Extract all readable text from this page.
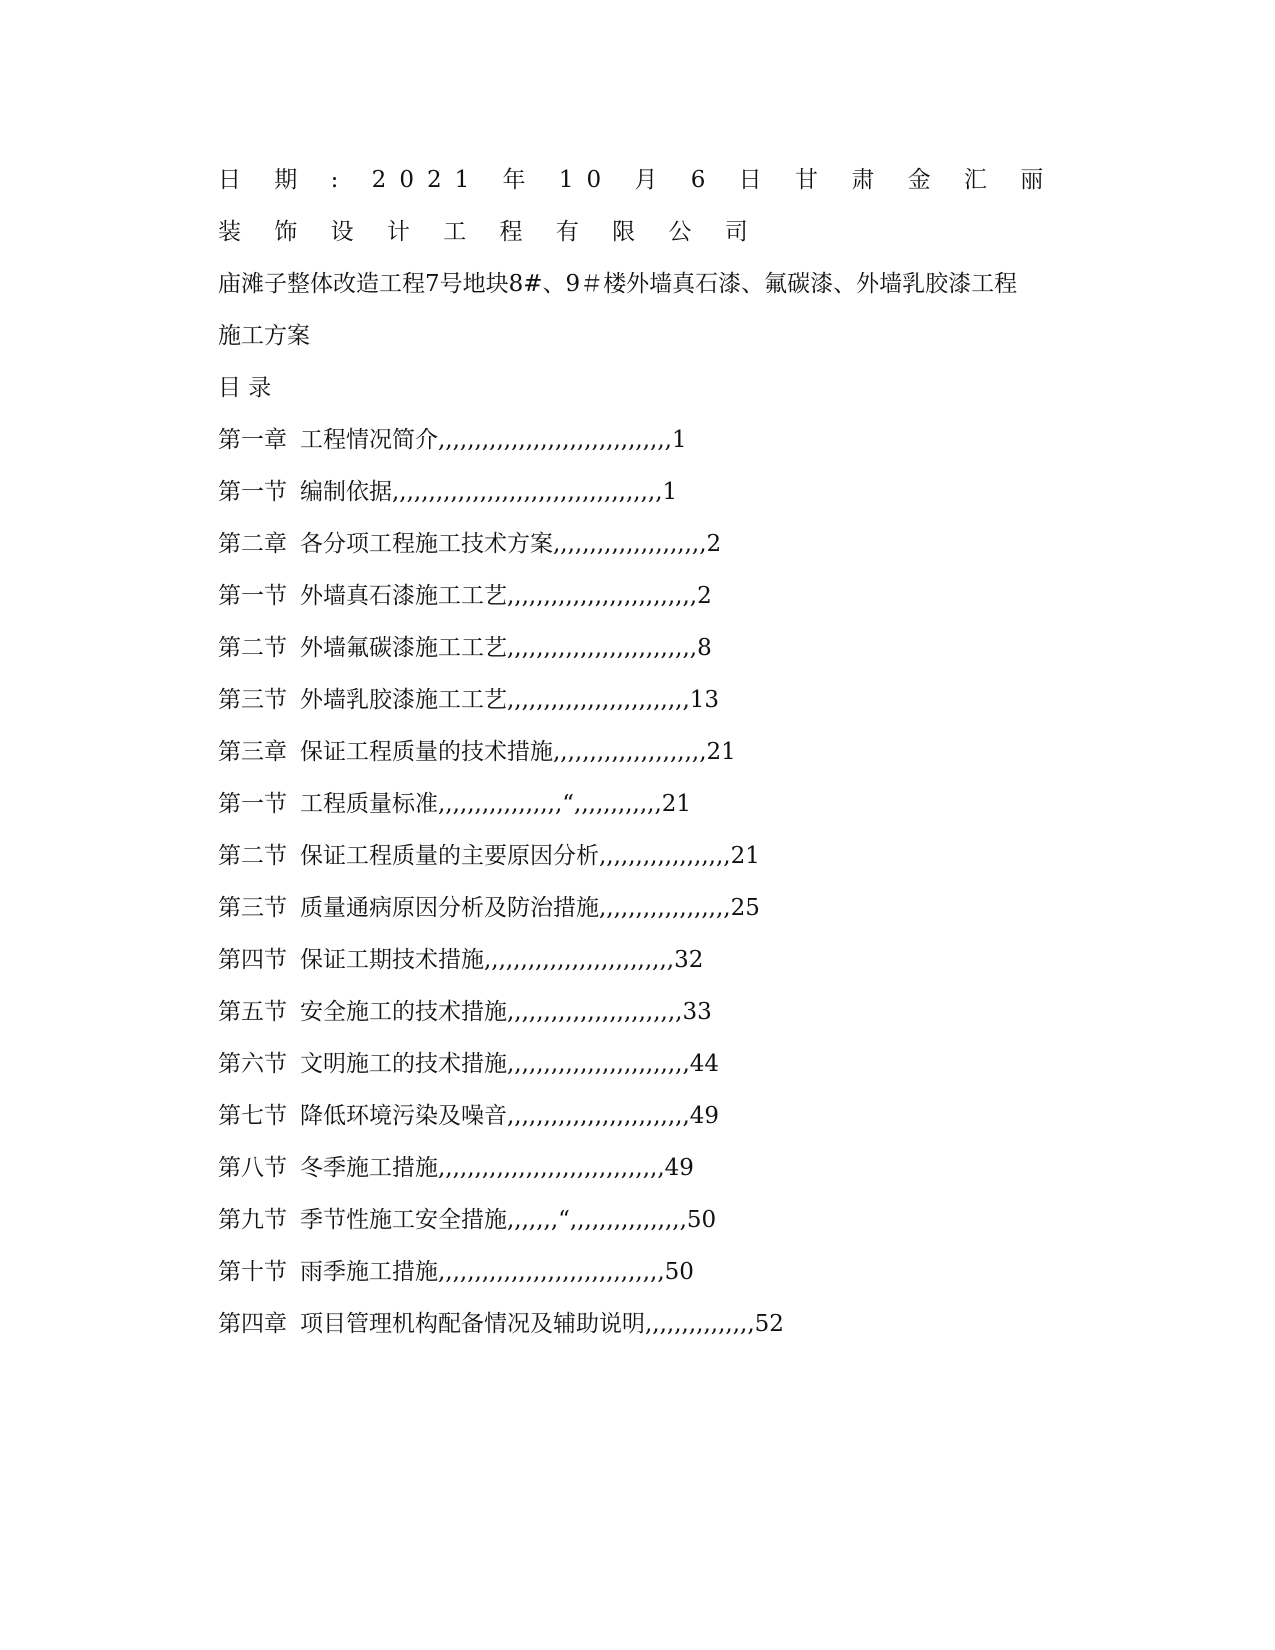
日 期 : 2021 年 10 月 6 日 甘 肃 金 汇 丽
装 饰 设 计 工 程 有 限 公 司
庙滩子整体改造工程7号地块8#、9＃楼外墙真石漆、氟碳漆、外墙乳胶漆工程
施工方案
目 录
第一章 工程情况简介,,,,,,,,,,,,,,,,,,,,,,,,,,,,,,,,1
第一节 编制依据,,,,,,,,,,,,,,,,,,,,,,,,,,,,,,,,,,,,,1
第二章 各分项工程施工技术方案,,,,,,,,,,,,,,,,,,,,,2
第一节 外墙真石漆施工工艺,,,,,,,,,,,,,,,,,,,,,,,,,,2
第二节 外墙氟碳漆施工工艺,,,,,,,,,,,,,,,,,,,,,,,,,,8
第三节 外墙乳胶漆施工工艺,,,,,,,,,,,,,,,,,,,,,,,,,13
第三章 保证工程质量的技术措施,,,,,,,,,,,,,,,,,,,,,21
第一节 工程质量标准,,,,,,,,,,,,,,,,,“,,,,,,,,,,,,21
第二节 保证工程质量的主要原因分析,,,,,,,,,,,,,,,,,,21
第三节 质量通病原因分析及防治措施,,,,,,,,,,,,,,,,,,25
第四节 保证工期技术措施,,,,,,,,,,,,,,,,,,,,,,,,,,32
第五节 安全施工的技术措施,,,,,,,,,,,,,,,,,,,,,,,,33
第六节 文明施工的技术措施,,,,,,,,,,,,,,,,,,,,,,,,,44
第七节 降低环境污染及噪音,,,,,,,,,,,,,,,,,,,,,,,,,49
第八节 冬季施工措施,,,,,,,,,,,,,,,,,,,,,,,,,,,,,,,49
第九节 季节性施工安全措施,,,,,,,“,,,,,,,,,,,,,,,,50
第十节 雨季施工措施,,,,,,,,,,,,,,,,,,,,,,,,,,,,,,,50
第四章 项目管理机构配备情况及辅助说明,,,,,,,,,,,,,,,52
